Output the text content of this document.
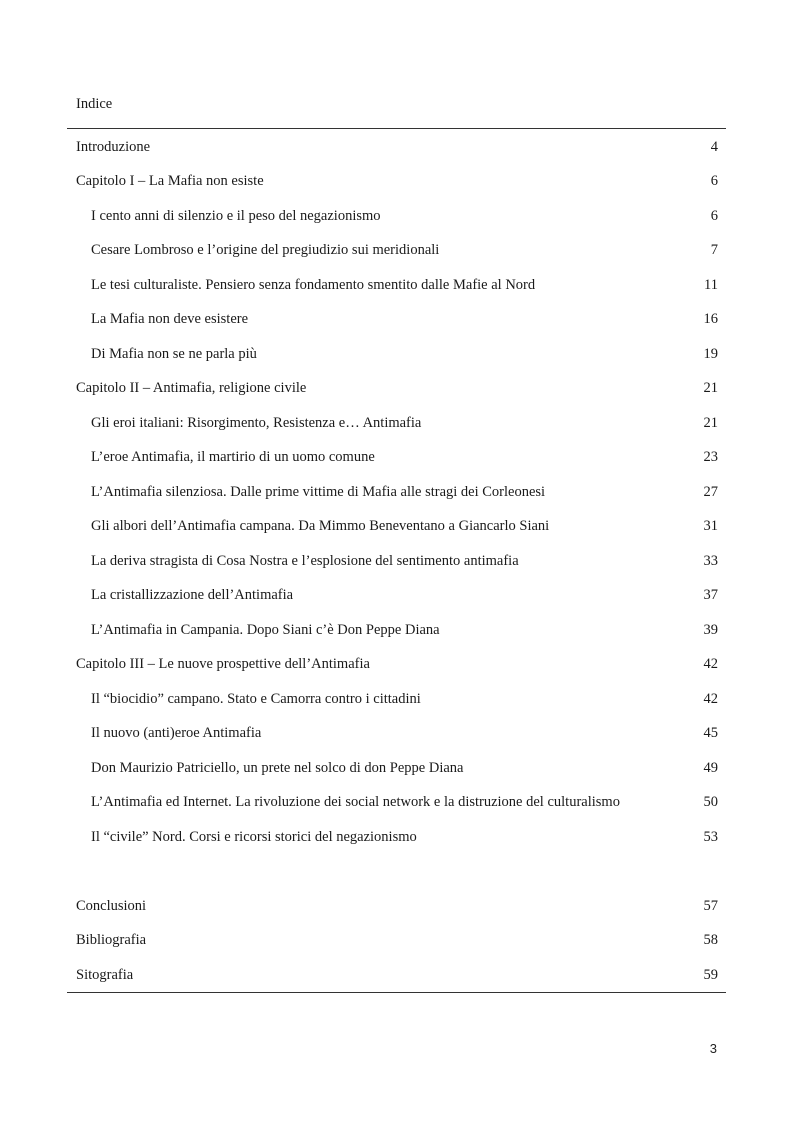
Indice
Introduzione	4
Capitolo I – La Mafia non esiste	6
I cento anni di silenzio e il peso del negazionismo	6
Cesare Lombroso e l’origine del pregiudizio sui meridionali	7
Le tesi culturaliste. Pensiero senza fondamento smentito dalle Mafie al Nord	11
La Mafia non deve esistere	16
Di Mafia non se ne parla più	19
Capitolo II – Antimafia, religione civile	21
Gli eroi italiani: Risorgimento, Resistenza e… Antimafia	21
L’eroe Antimafia, il martirio di un uomo comune	23
L’Antimafia silenziosa. Dalle prime vittime di Mafia alle stragi dei Corleonesi	27
Gli albori dell’Antimafia campana. Da Mimmo Beneventano a Giancarlo Siani	31
La deriva stragista di Cosa Nostra e l’esplosione del sentimento antimafia	33
La cristallizzazione dell’Antimafia	37
L’Antimafia in Campania. Dopo Siani c’è Don Peppe Diana	39
Capitolo III – Le nuove prospettive dell’Antimafia	42
Il “biocidio” campano. Stato e Camorra contro i cittadini	42
Il nuovo (anti)eroe Antimafia	45
Don Maurizio Patriciello, un prete nel solco di don Peppe Diana	49
L’Antimafia ed Internet. La rivoluzione dei social network e la distruzione del culturalismo	50
Il “civile” Nord. Corsi e ricorsi storici del negazionismo	53
Conclusioni	57
Bibliografia	58
Sitografia	59
3
